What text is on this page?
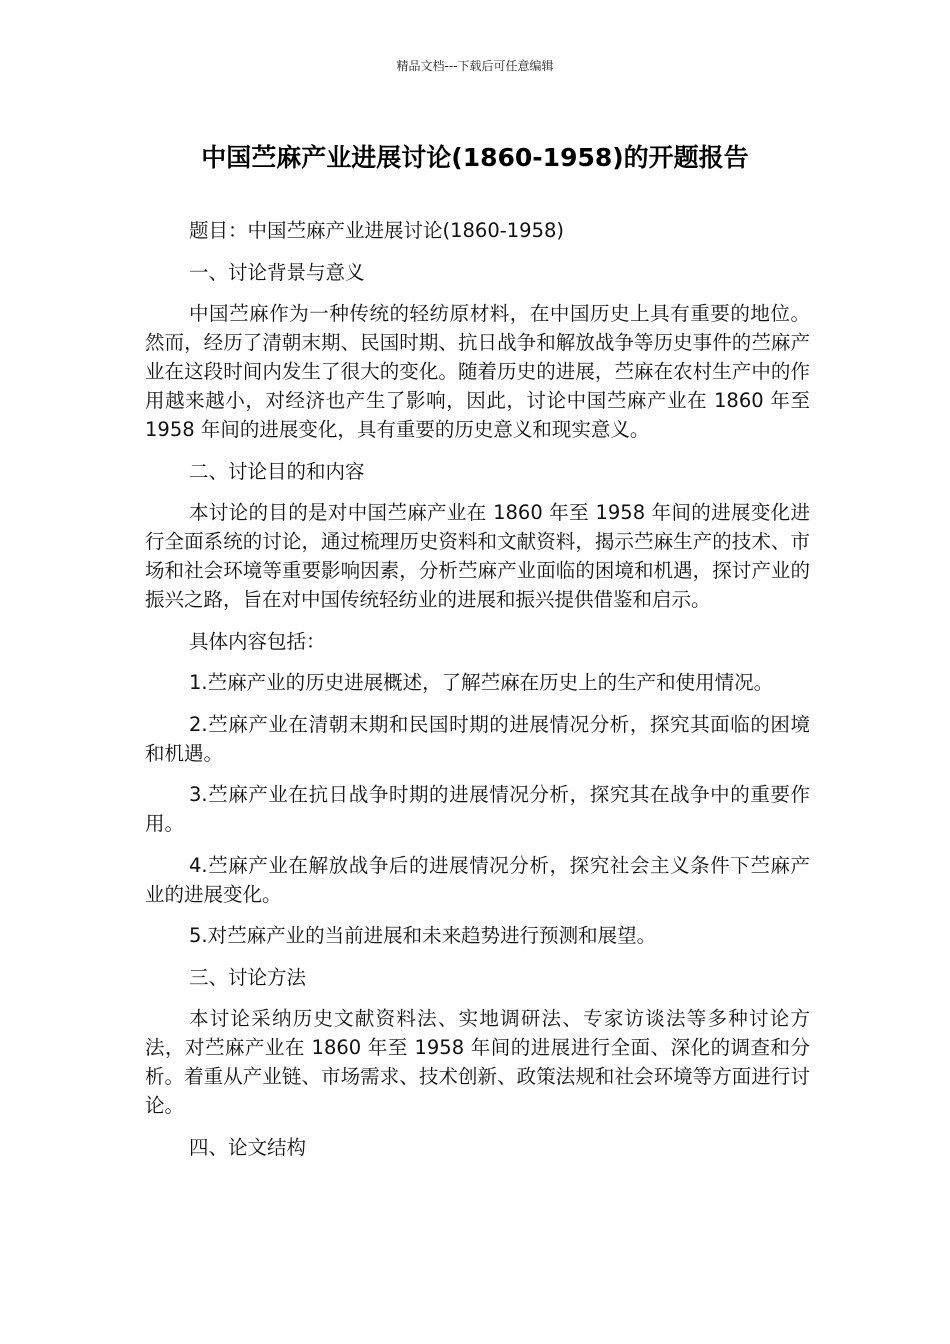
精品文档---下载后可任意编辑
中国苎麻产业进展讨论(1860-1958)的开题报告

题目：中国苎麻产业进展讨论(1860-1958)

一、讨论背景与意义

中国苎麻作为一种传统的轻纺原材料，在中国历史上具有重要的地位。然而，经历了清朝末期、民国时期、抗日战争和解放战争等历史事件的苎麻产业在这段时间内发生了很大的变化。随着历史的进展，苎麻在农村生产中的作用越来越小，对经济也产生了影响，因此，讨论中国苎麻产业在 1860 年至 1958 年间的进展变化，具有重要的历史意义和现实意义。

二、讨论目的和内容

本讨论的目的是对中国苎麻产业在 1860 年至 1958 年间的进展变化进行全面系统的讨论，通过梳理历史资料和文献资料，揭示苎麻生产的技术、市场和社会环境等重要影响因素，分析苎麻产业面临的困境和机遇，探讨产业的振兴之路，旨在对中国传统轻纺业的进展和振兴提供借鉴和启示。

具体内容包括：

1.苎麻产业的历史进展概述，了解苎麻在历史上的生产和使用情况。

2.苎麻产业在清朝末期和民国时期的进展情况分析，探究其面临的困境和机遇。

3.苎麻产业在抗日战争时期的进展情况分析，探究其在战争中的重要作用。

4.苎麻产业在解放战争后的进展情况分析，探究社会主义条件下苎麻产业的进展变化。

5.对苎麻产业的当前进展和未来趋势进行预测和展望。

三、讨论方法

本讨论采纳历史文献资料法、实地调研法、专家访谈法等多种讨论方法，对苎麻产业在 1860 年至 1958 年间的进展进行全面、深化的调查和分析。着重从产业链、市场需求、技术创新、政策法规和社会环境等方面进行讨论。

四、论文结构
